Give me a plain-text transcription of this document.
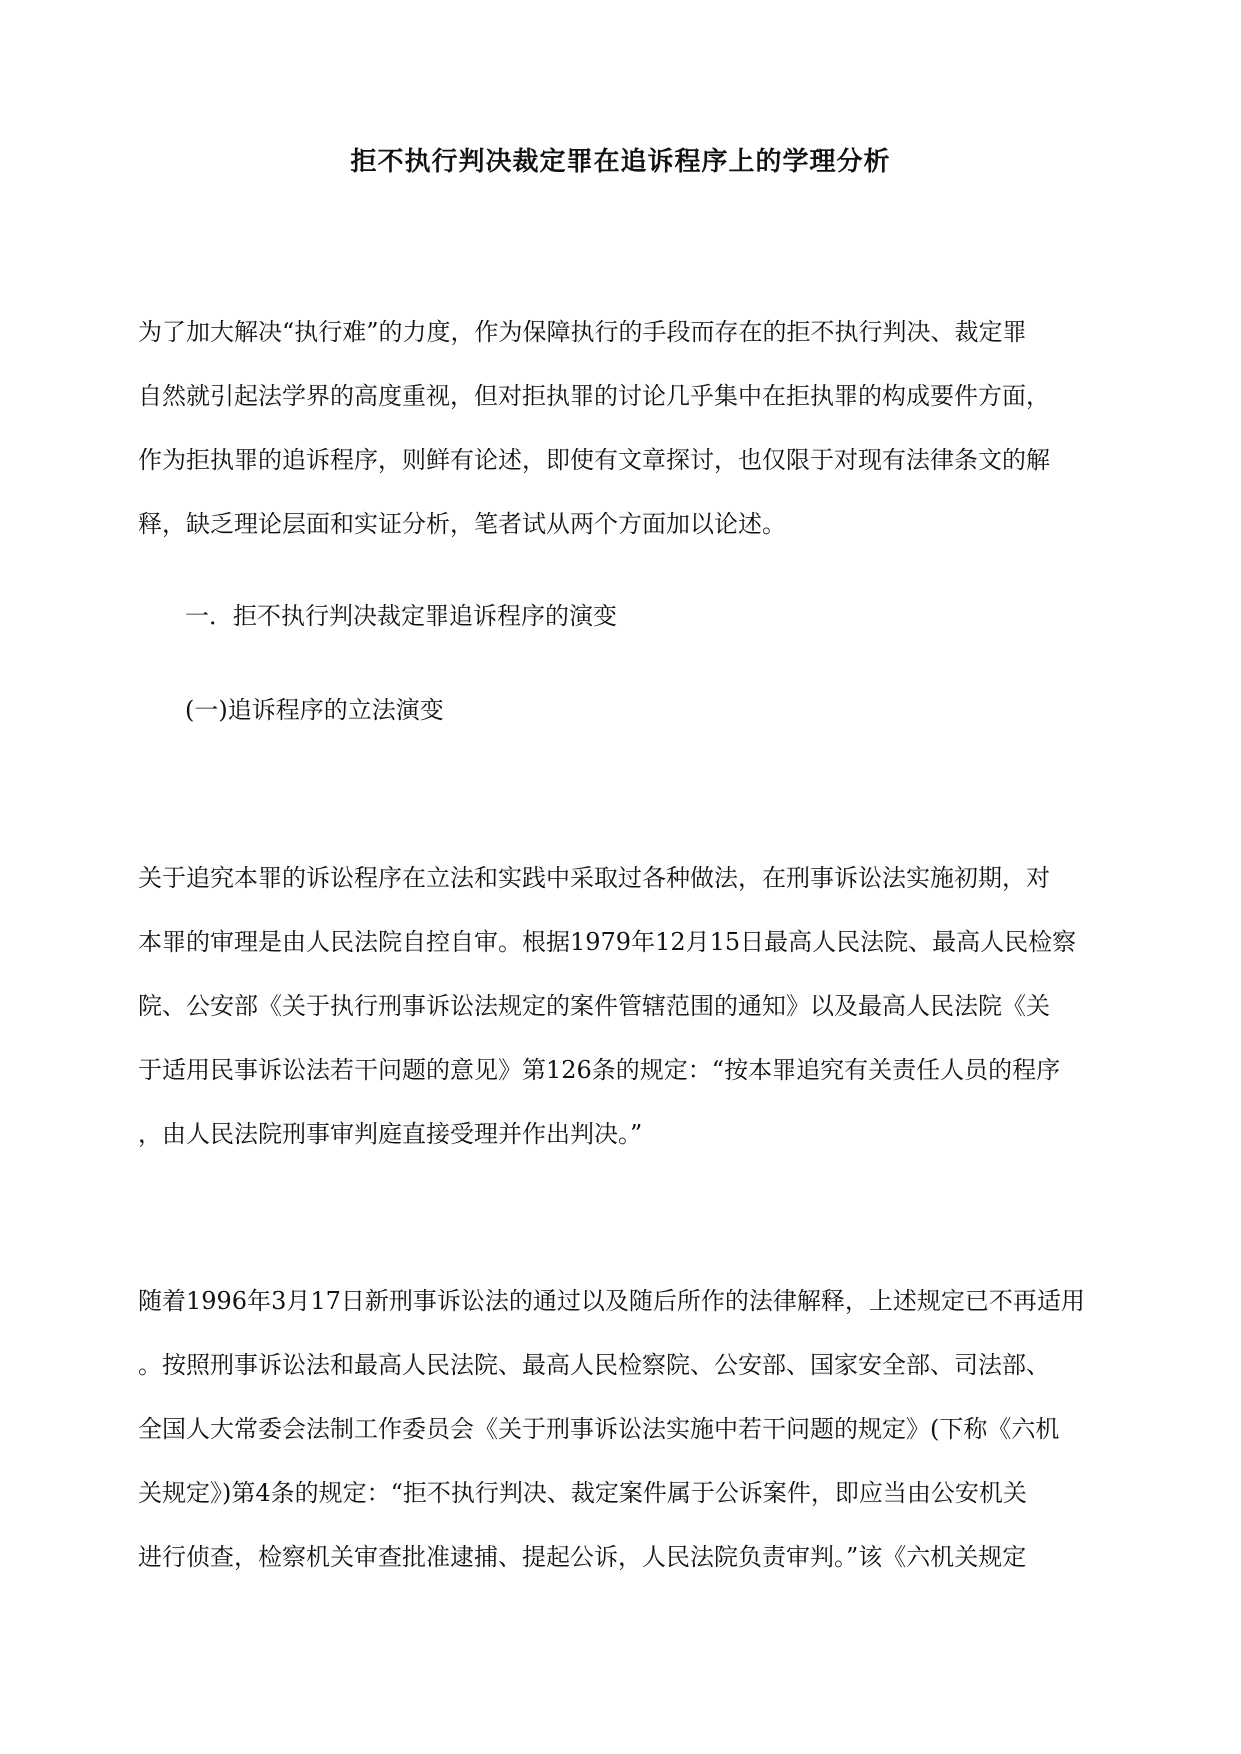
拒不执行判决裁定罪在追诉程序上的学理分析

为了加大解决“执行难”的力度，作为保障执行的手段而存在的拒不执行判决、裁定罪
自然就引起法学界的高度重视，但对拒执罪的讨论几乎集中在拒执罪的构成要件方面，
作为拒执罪的追诉程序，则鲜有论述，即使有文章探讨，也仅限于对现有法律条文的解
释，缺乏理论层面和实证分析，笔者试从两个方面加以论述。

一．拒不执行判决裁定罪追诉程序的演变
(一)追诉程序的立法演变

关于追究本罪的诉讼程序在立法和实践中采取过各种做法，在刑事诉讼法实施初期，对
本罪的审理是由人民法院自控自审。根据1979年12月15日最高人民法院、最高人民检察
院、公安部《关于执行刑事诉讼法规定的案件管辖范围的通知》以及最高人民法院《关
于适用民事诉讼法若干问题的意见》第126条的规定：“按本罪追究有关责任人员的程序
，由人民法院刑事审判庭直接受理并作出判决。”

随着1996年3月17日新刑事诉讼法的通过以及随后所作的法律解释，上述规定已不再适用
。按照刑事诉讼法和最高人民法院、最高人民检察院、公安部、国家安全部、司法部、
全国人大常委会法制工作委员会《关于刑事诉讼法实施中若干问题的规定》(下称《六机
关规定》)第4条的规定：“拒不执行判决、裁定案件属于公诉案件，即应当由公安机关
进行侦查，检察机关审查批准逮捕、提起公诉，人民法院负责审判。”该《六机关规定
